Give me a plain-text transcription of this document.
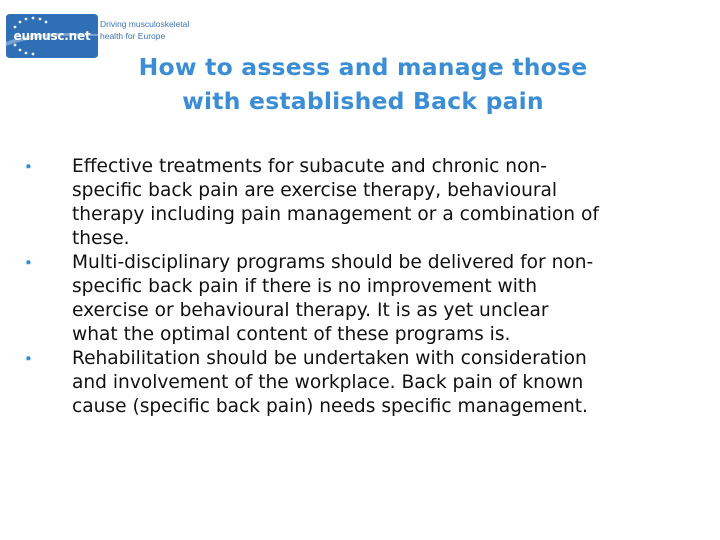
eumusc.net
Driving musculoskeletal
health for Europe
How to assess and manage those
with established Back pain
•	Effective treatments for subacute and chronic non-
specific back pain are exercise therapy, behavioural
therapy including pain management or a combination of
these.
•	Multi-disciplinary programs should be delivered for non-
specific back pain if there is no improvement with
exercise or behavioural therapy. It is as yet unclear
what the optimal content of these programs is.
•	Rehabilitation should be undertaken with consideration
and involvement of the workplace. Back pain of known
cause (specific back pain) needs specific management.
